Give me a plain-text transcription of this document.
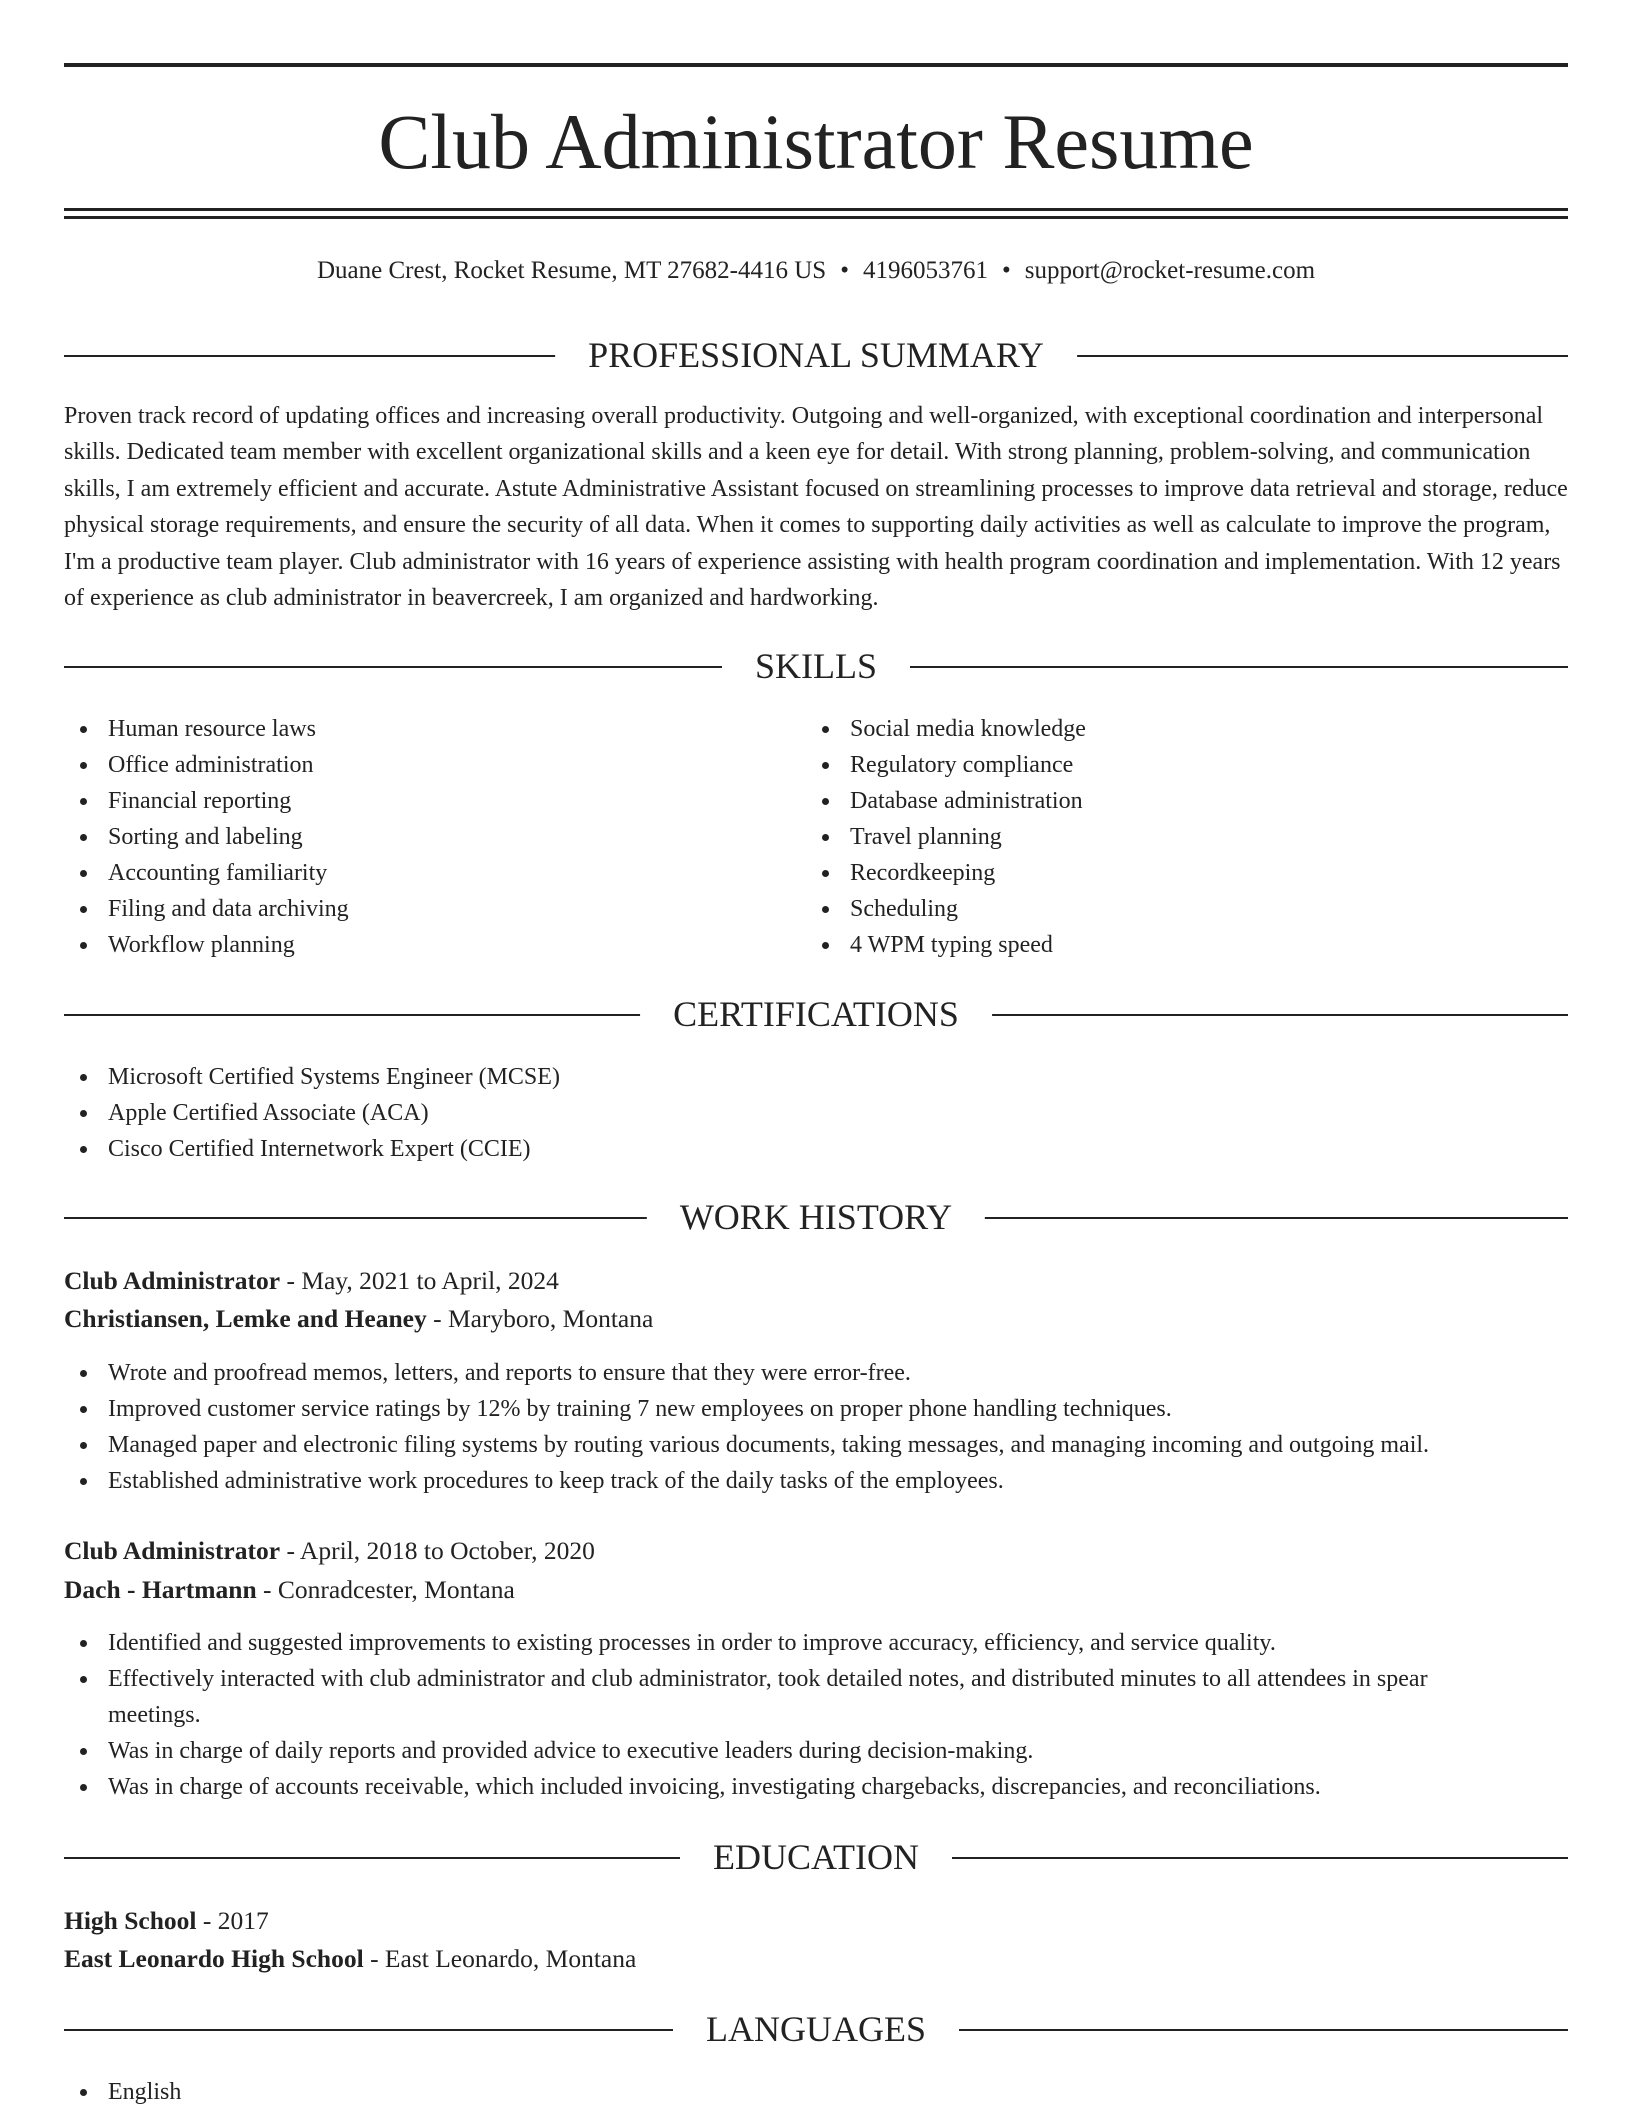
Club Administrator Resume
Duane Crest, Rocket Resume, MT 27682-4416 US • 4196053761 • support@rocket-resume.com
PROFESSIONAL SUMMARY

Proven track record of updating offices and increasing overall productivity. Outgoing and well-organized, with exceptional coordination and interpersonal skills. Dedicated team member with excellent organizational skills and a keen eye for detail. With strong planning, problem-solving, and communication skills, I am extremely efficient and accurate. Astute Administrative Assistant focused on streamlining processes to improve data retrieval and storage, reduce physical storage requirements, and ensure the security of all data. When it comes to supporting daily activities as well as calculate to improve the program, I'm a productive team player. Club administrator with 16 years of experience assisting with health program coordination and implementation. With 12 years of experience as club administrator in beavercreek, I am organized and hardworking.

SKILLS
Human resource laws
Office administration
Financial reporting
Sorting and labeling
Accounting familiarity
Filing and data archiving
Workflow planning
Social media knowledge
Regulatory compliance
Database administration
Travel planning
Recordkeeping
Scheduling
4 WPM typing speed
CERTIFICATIONS
Microsoft Certified Systems Engineer (MCSE)
Apple Certified Associate (ACA)
Cisco Certified Internetwork Expert (CCIE)
WORK HISTORY
Club Administrator - May, 2021 to April, 2024
Christiansen, Lemke and Heaney - Maryboro, Montana
Wrote and proofread memos, letters, and reports to ensure that they were error-free.
Improved customer service ratings by 12% by training 7 new employees on proper phone handling techniques.
Managed paper and electronic filing systems by routing various documents, taking messages, and managing incoming and outgoing mail.
Established administrative work procedures to keep track of the daily tasks of the employees.
Club Administrator - April, 2018 to October, 2020
Dach - Hartmann - Conradcester, Montana
Identified and suggested improvements to existing processes in order to improve accuracy, efficiency, and service quality.
Effectively interacted with club administrator and club administrator, took detailed notes, and distributed minutes to all attendees in spear meetings.
Was in charge of daily reports and provided advice to executive leaders during decision-making.
Was in charge of accounts receivable, which included invoicing, investigating chargebacks, discrepancies, and reconciliations.
EDUCATION
High School - 2017
East Leonardo High School - East Leonardo, Montana
LANGUAGES
English
